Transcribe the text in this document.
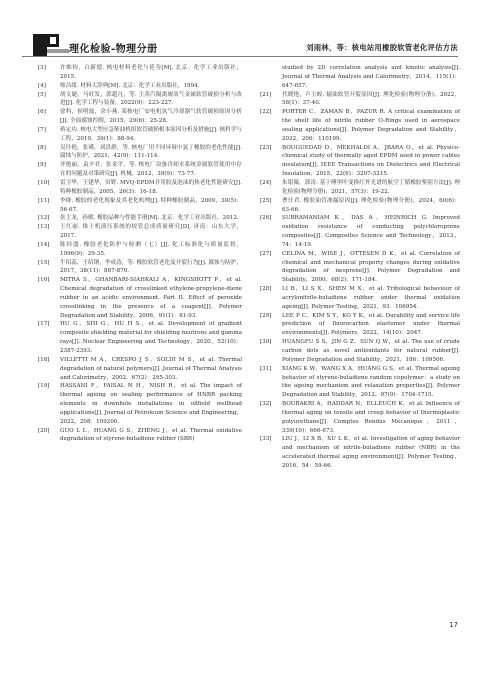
理化检验-物理分册	刘雨林，等：核电站用橡胶软管老化评估方法
[3]	许维钧，白新德. 核电材料老化与延寿[M]. 北京：化学工业出版社，2015.
[4]	师昌绪. 材料大辞典[M]. 北京：化学工业出版社，1994.
[5]	胡文婕，马旺发，郭超凡，等. 主蒸汽隔离阀氢气金属软管破损分析与改进[J]. 化学工程与装备，2022(9)：223-227.
[6]	徐科，侯明磊，余小燕. 某核电厂安电机氢气冷却器气软管破损原因分析[J]. 全面腐蚀控制，2015，29(6)：25-28.
[7]	蒋定功. 核电大型应急柴油机组软管破损根本原因分析及措施[J]. 核科学与工程，2019，39(1)：88-94.
[8]	吴玲艳，张瑾，刘洪群，等. 核电厂用不同环境中氯丁橡胶的老化性能[J]. 腐蚀与防护，2021，42(9)：111-114.
[9]	齐艳丽，袁夕君，张金平，等. 核电厂设备冷却水系统金属软管使用中存在的问题及对策研究[J]. 机械，2012，39(9)：73-77.
[10] 雷卫华，王建华，田野. MVQ-EPDM并用胶及泡沫的热老化性能研究[J]. 特种橡胶制品，2005，26(3)：16-18.
[11] 李绛. 橡胶的老化现象及其老化机理[J]. 特种橡胶制品，2009，30(5)：56-67.
[12] 张主龙，孙敏. 橡胶品种与性能手册[M]. 北京：化学工业出版社，2012.
[13] 王红丽. 推土机液压系统的较管总成质量研究[D]. 济南：山东大学，2017.
[14] 陈经盛. 橡胶老化防护与检测（七）[J]. 化工标准化与质量监督，1996(9)：29-35.
[15] 牛绍蕊，王绍钢，李成涛，等. 橡胶软管老化及开裂行为[J]. 腐蚀与防护，2017，38(11)：867-870.
[16] MITRA S，GHANBARI-SIAHKALI A，KINGSHOTT P，et al. Chemical degradation of crosslinked ethylene-propylene-diene rubber in an acidic environment. Part II. Effect of peroxide crosslinking in the presence of a coagent[J]. Polymer Degradation and Stability，2006，91(1)：81-93.
[17] HU G，SHI G，HU H S，et al. Development of gradient composite shielding material for shielding neutrons and gamma rays[J]. Nuclear Engineering and Technology，2020，52(10)：2387-2393.
[18] VILLETTI M A，CRESPO J S，SOLDI M S，et al. Thermal degradation of natural polymers[J]. Journal of Thermal Analysis and Calorimetry，2002，67(2)：295-303.
[19] HASSANI F，FAISAL N H，NISH R，et al. The impact of thermal ageing on sealing performance of HNBR packing elements in downhole installations in oilfield wellhead applications[J]. Journal of Petroleum Science and Engineering，2022，208：109200.
[20] GUO L L，HUANG G S，ZHENG J，et al. Thermal oxidative degradation of styrene-butadiene rubber (SBR)
studied by 2D correlation analysis and kinetic analysis[J]. Journal of Thermal Analysis and Calorimetry，2014，115(1)：647-657.
[21] 代晓艳，卢玉蛟. 输油软管开裂原因[J]. 理化检验(物理分册)，2022，58(1)：37-40.
[22] PORTER C，ZAMAN B，PAZUR R. A critical examination of the shelf life of nitrile rubber O-Rings used in aerospace sealing applications[J]. Polymer Degradation and Stability，2022，206：110199.
[23] BOUGUEDAD D，MEKHALDI A，JBARA O，et al. Physico-chemical study of thermally aged EPDM used in power cables insulation[J]. IEEE Transactions on Dielectrics and Electrical Insulation，2015，22(6)：3207-3215.
[24] 朱银薇，郭涛. 基于傅里叶变换红外光谱的航空丁腈橡胶鉴别方法[J]. 理化检验(物理分册)，2021，57(3)：19-22.
[25] 曹仕君. 橡胶油管渗漏原因[J]. 理化检验(物理分册)，2024，60(6)：63-66.
[26] SUBRAMANIAM K，DAS A，HEINRICH G. Improved oxidation resistance of conducting polychloroprene composites[J]. Composites Science and Technology，2013，74：14-19.
[27] CELINA M，WISE J，OTTESEN D K，et al. Correlation of chemical and mechanical property changes during oxidative degradation of neoprene[J]. Polymer Degradation and Stability，2000，68(2)：171-184.
[28] LI B，LI S X，SHEN M X，et al. Tribological behaviour of acrylonitrile-butadiene rubber under thermal oxidation ageing[J]. Polymer Testing，2021，93：106954.
[29] LEE P C，KIM S Y，KO Y K，et al. Durability and service life prediction of fluorocarbon elastomer under thermal environments[J]. Polymers，2022，14(10)：2047.
[30] HUANGFU S S，JIN G Z，SUN Q W，et al. The use of crude carbon dots as novel antioxidants for natural rubber[J]. Polymer Degradation and Stability，2021，186：109506.
[31] XIANG K W，WANG X A，HUANG G S，et al. Thermal ageing behavior of styrene-butadiene random copolymer：a study on the ageing mechanism and relaxation properties[J]. Polymer Degradation and Stability，2012，97(9)：1704-1715.
[32] BOUBAKRI A，HADDAR N，ELLEUCH K，et al. Influence of thermal aging on tensile and creep behavior of thermoplastic polyurethane[J]. Comptes Rendus Mécanique，2011，339(10)：666-673.
[33] LIU J，LI X B，XU L K，et al. Investigation of aging behavior and mechanism of nitrile-butadiene rubber (NBR) in the accelerated thermal aging environment[J]. Polymer Testing，2016，54：59-66.
17
